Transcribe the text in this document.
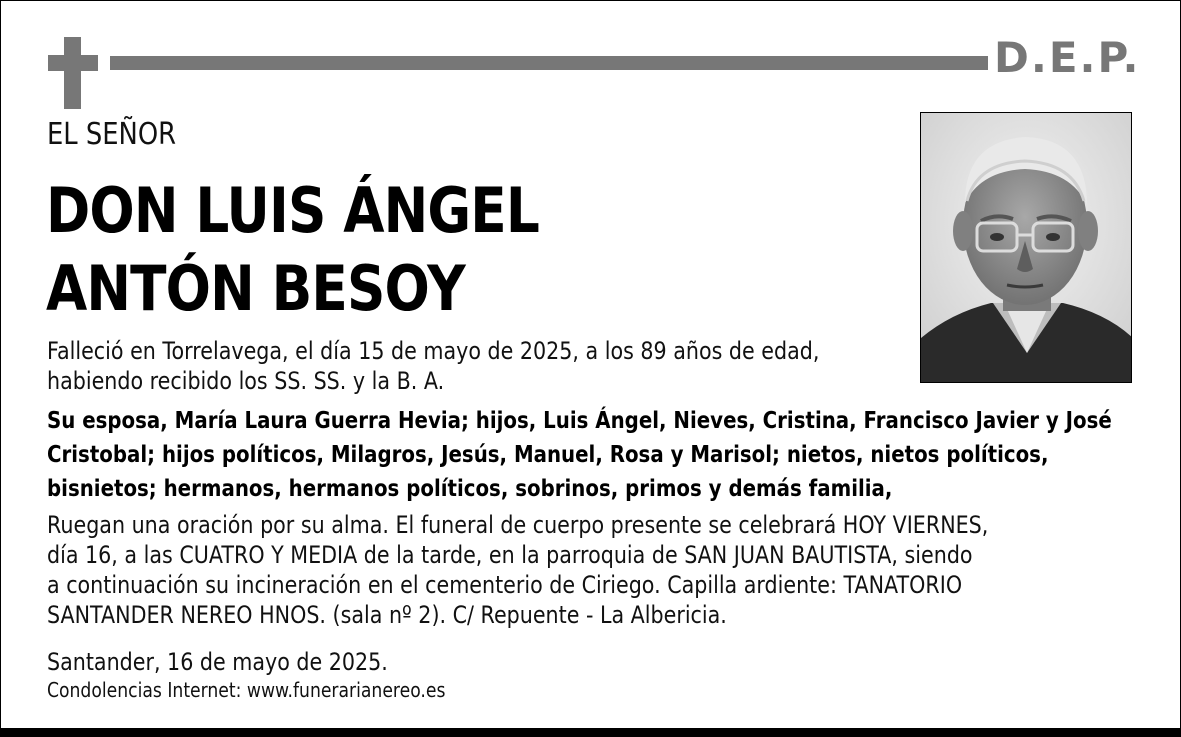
D.E.P.
EL SEÑOR
DON LUIS ÁNGEL
ANTÓN BESOY
Falleció en Torrelavega, el día 15 de mayo de 2025, a los 89 años de edad,
habiendo recibido los SS. SS. y la B. A.
Su esposa, María Laura Guerra Hevia; hijos, Luis Ángel, Nieves, Cristina, Francisco Javier y José
Cristobal; hijos políticos, Milagros, Jesús, Manuel, Rosa y Marisol; nietos, nietos políticos,
bisnietos; hermanos, hermanos políticos, sobrinos, primos y demás familia,
Ruegan una oración por su alma. El funeral de cuerpo presente se celebrará HOY VIERNES,
día 16, a las CUATRO Y MEDIA de la tarde, en la parroquia de SAN JUAN BAUTISTA, siendo
a continuación su incineración en el cementerio de Ciriego. Capilla ardiente: TANATORIO
SANTANDER NEREO HNOS. (sala nº 2). C/ Repuente - La Albericia.
Santander, 16 de mayo de 2025.
Condolencias Internet: www.funerarianereo.es
